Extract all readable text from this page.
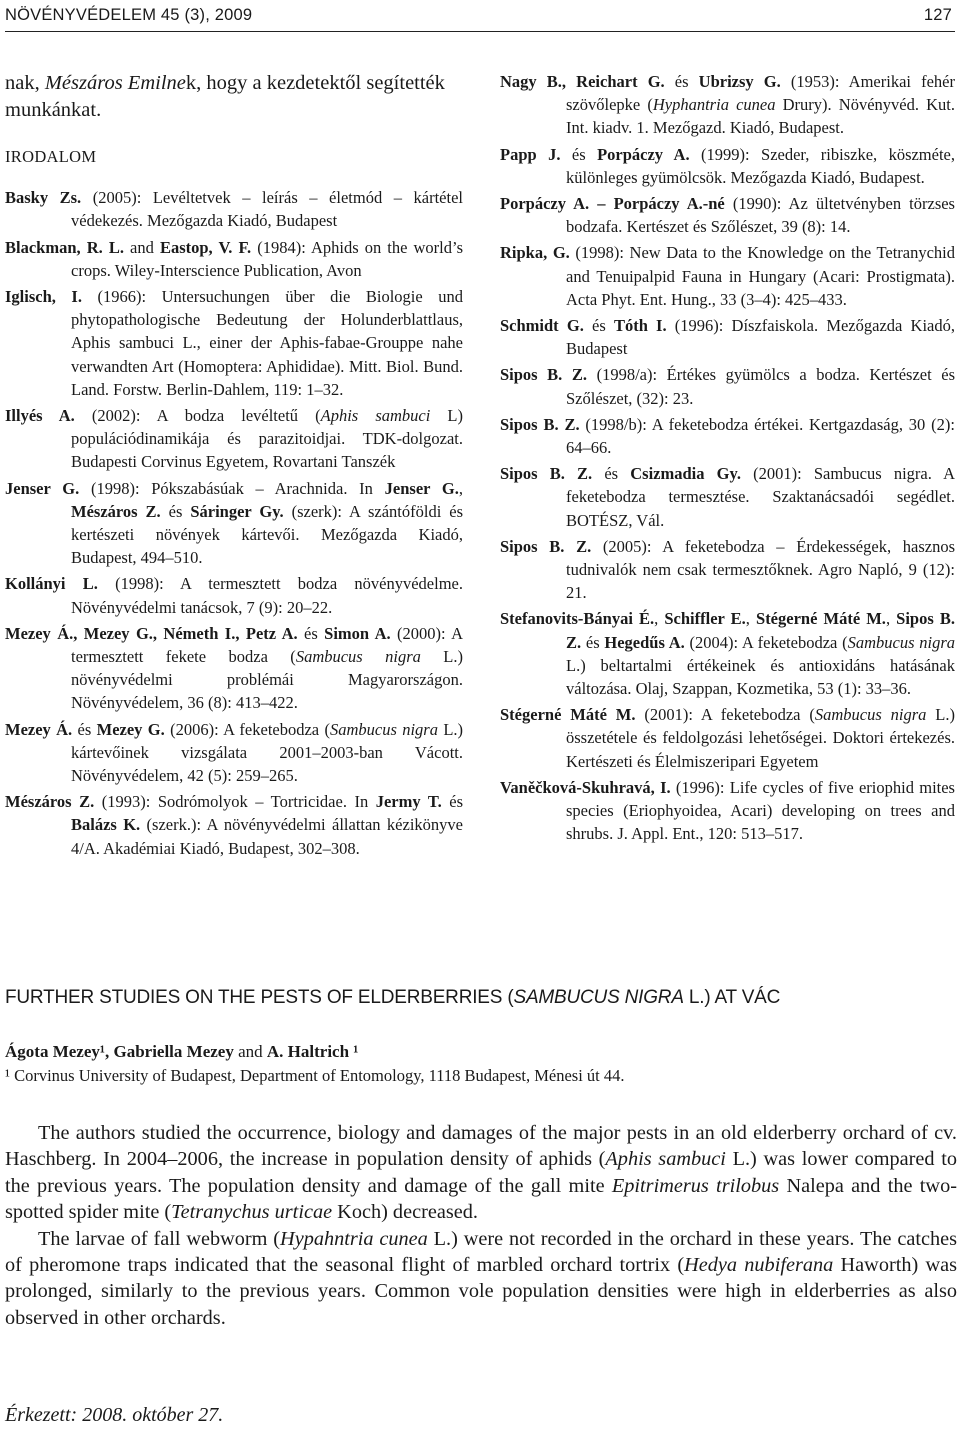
NÖVÉNYVÉDELEM 45 (3), 2009	127
nak, Mészáros Emilnek, hogy a kezdetektől segítették munkánkat.
IRODALOM
Basky Zs. (2005): Levéltetvek – leírás – életmód – kártétel védekezés. Mezőgazda Kiadó, Budapest
Blackman, R. L. and Eastop, V. F. (1984): Aphids on the world’s crops. Wiley-Interscience Publication, Avon
Iglisch, I. (1966): Untersuchungen über die Biologie und phytopathologische Bedeutung der Holunderblattlaus, Aphis sambuci L., einer der Aphis-fabae-Grouppe nahe verwandten Art (Homoptera: Aphididae). Mitt. Biol. Bund. Land. Forstw. Berlin-Dahlem, 119: 1–32.
Illyés A. (2002): A bodza levéltetű (Aphis sambuci L) populációdinamikája és parazitoidjai. TDK-dolgozat. Budapesti Corvinus Egyetem, Rovartani Tanszék
Jenser G. (1998): Pókszabásúak – Arachnida. In Jenser G., Mészáros Z. és Sáringer Gy. (szerk): A szántóföldi és kertészeti növények kártevői. Mezőgazda Kiadó, Budapest, 494–510.
Kollányi L. (1998): A termesztett bodza növényvédelme. Növényvédelmi tanácsok, 7 (9): 20–22.
Mezey Á., Mezey G., Németh I., Petz A. és Simon A. (2000): A termesztett fekete bodza (Sambucus nigra L.) növényvédelmi problémái Magyarországon. Növényvédelem, 36 (8): 413–422.
Mezey Á. és Mezey G. (2006): A feketebodza (Sambucus nigra L.) kártevőinek vizsgálata 2001–2003-ban Vácott. Növényvédelem, 42 (5): 259–265.
Mészáros Z. (1993): Sodrómolyok – Tortricidae. In Jermy T. és Balázs K. (szerk.): A növényvédelmi állattan kézikönyve 4/A. Akadémiai Kiadó, Budapest, 302–308.
Nagy B., Reichart G. és Ubrizsy G. (1953): Amerikai fehér szövőlepke (Hyphantria cunea Drury). Növényvéd. Kut. Int. kiadv. 1. Mezőgazd. Kiadó, Budapest.
Papp J. és Porpáczy A. (1999): Szeder, ribiszke, köszméte, különleges gyümölcsök. Mezőgazda Kiadó, Budapest.
Porpáczy A. – Porpáczy A.-né (1990): Az ültetvényben törzses bodzafa. Kertészet és Szőlészet, 39 (8): 14.
Ripka, G. (1998): New Data to the Knowledge on the Tetranychid and Tenuipalpid Fauna in Hungary (Acari: Prostigmata). Acta Phyt. Ent. Hung., 33 (3–4): 425–433.
Schmidt G. és Tóth I. (1996): Díszfaiskola. Mezőgazda Kiadó, Budapest
Sipos B. Z. (1998/a): Értékes gyümölcs a bodza. Kertészet és Szőlészet, (32): 23.
Sipos B. Z. (1998/b): A feketebodza értékei. Kertgazdaság, 30 (2): 64–66.
Sipos B. Z. és Csizmadia Gy. (2001): Sambucus nigra. A feketebodza termesztése. Szaktanácsadói segédlet. BOTÉSZ, Vál.
Sipos B. Z. (2005): A feketebodza – Érdekességek, hasznos tudnivalók nem csak termesztőknek. Agro Napló, 9 (12): 21.
Stefanovits-Bányai É., Schiffler E., Stégerné Máté M., Sipos B. Z. és Hegedűs A. (2004): A feketebodza (Sambucus nigra L.) beltartalmi értékeinek és antioxidáns hatásának változása. Olaj, Szappan, Kozmetika, 53 (1): 33–36.
Stégerné Máté M. (2001): A feketebodza (Sambucus nigra L.) összetétele és feldolgozási lehetőségei. Doktori értekezés. Kertészeti és Élelmiszeripari Egyetem
Vaněčková-Skuhravá, I. (1996): Life cycles of five eriophid mites species (Eriophyoidea, Acari) developing on trees and shrubs. J. Appl. Ent., 120: 513–517.
FURTHER STUDIES ON THE PESTS OF ELDERBERRIES (SAMBUCUS NIGRA L.) AT VÁC
Ágota Mezey¹, Gabriella Mezey and A. Haltrich ¹
¹ Corvinus University of Budapest, Department of Entomology, 1118 Budapest, Ménesi út 44.

The authors studied the occurrence, biology and damages of the major pests in an old elderberry orchard of cv. Haschberg. In 2004–2006, the increase in population density of aphids (Aphis sambuci L.) was lower compared to the previous years. The population density and damage of the gall mite Epitrimerus trilobus Nalepa and the two-spotted spider mite (Tetranychus urticae Koch) decreased.

The larvae of fall webworm (Hypahntria cunea L.) were not recorded in the orchard in these years. The catches of pheromone traps indicated that the seasonal flight of marbled orchard tortrix (Hedya nubiferana Haworth) was prolonged, similarly to the previous years. Common vole population densities were high in elderberries as also observed in other orchards.

Érkezett: 2008. október 27.
